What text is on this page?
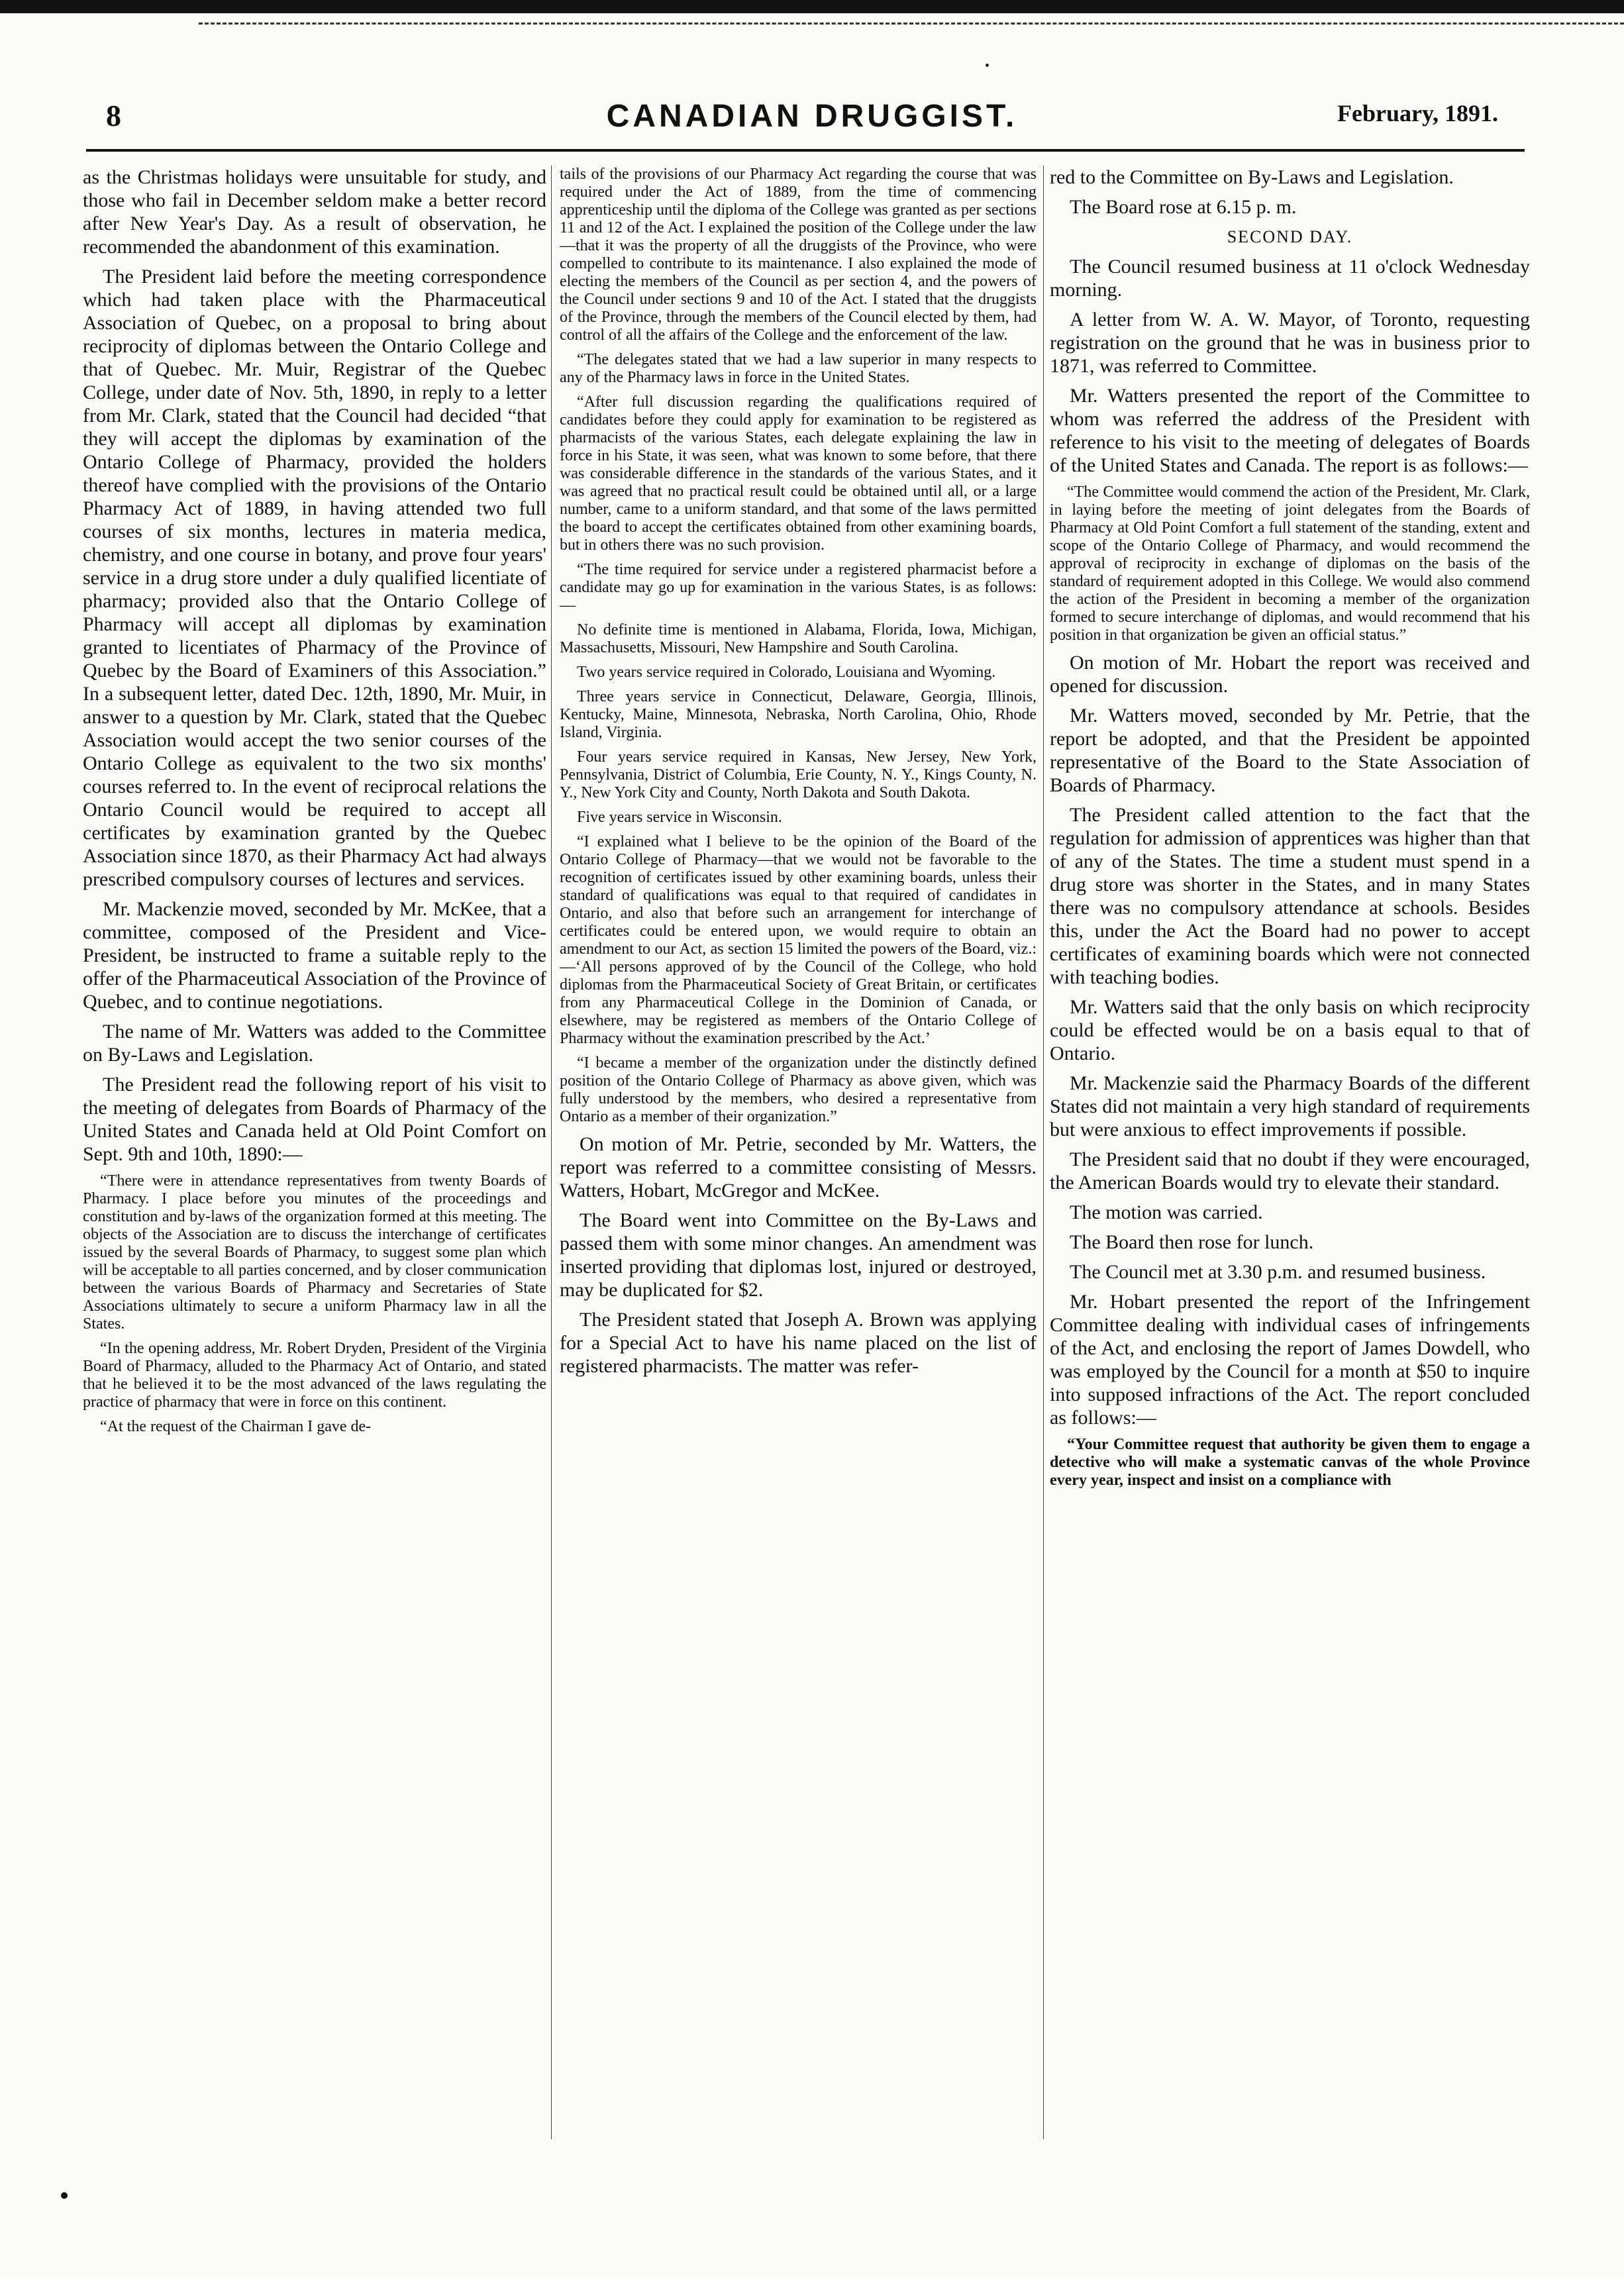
8	CANADIAN DRUGGIST.	February, 1891.

as the Christmas holidays were unsuitable for study, and those who fail in December seldom make a better record after New Year's Day. As a result of observation, he recommended the abandonment of this examination.

The President laid before the meeting correspondence which had taken place with the Pharmaceutical Association of Quebec, on a proposal to bring about reciprocity of diplomas between the Ontario College and that of Quebec. Mr. Muir, Registrar of the Quebec College, under date of Nov. 5th, 1890, in reply to a letter from Mr. Clark, stated that the Council had decided “that they will accept the diplomas by examination of the Ontario College of Pharmacy, provided the holders thereof have complied with the provisions of the Ontario Pharmacy Act of 1889, in having attended two full courses of six months, lectures in materia medica, chemistry, and one course in botany, and prove four years' service in a drug store under a duly qualified licentiate of pharmacy; provided also that the Ontario College of Pharmacy will accept all diplomas by examination granted to licentiates of Pharmacy of the Province of Quebec by the Board of Examiners of this Association.” In a subsequent letter, dated Dec. 12th, 1890, Mr. Muir, in answer to a question by Mr. Clark, stated that the Quebec Association would accept the two senior courses of the Ontario College as equivalent to the two six months' courses referred to. In the event of reciprocal relations the Ontario Council would be required to accept all certificates by examination granted by the Quebec Association since 1870, as their Pharmacy Act had always prescribed compulsory courses of lectures and services.

Mr. Mackenzie moved, seconded by Mr. McKee, that a committee, composed of the President and Vice-President, be instructed to frame a suitable reply to the offer of the Pharmaceutical Association of the Province of Quebec, and to continue negotiations.

The name of Mr. Watters was added to the Committee on By-Laws and Legislation.

The President read the following report of his visit to the meeting of delegates from Boards of Pharmacy of the United States and Canada held at Old Point Comfort on Sept. 9th and 10th, 1890:—

“There were in attendance representatives from twenty Boards of Pharmacy. I place before you minutes of the proceedings and constitution and by-laws of the organization formed at this meeting. The objects of the Association are to discuss the interchange of certificates issued by the several Boards of Pharmacy, to suggest some plan which will be acceptable to all parties concerned, and by closer communication between the various Boards of Pharmacy and Secretaries of State Associations ultimately to secure a uniform Pharmacy law in all the States.

“In the opening address, Mr. Robert Dryden, President of the Virginia Board of Pharmacy, alluded to the Pharmacy Act of Ontario, and stated that he believed it to be the most advanced of the laws regulating the practice of pharmacy that were in force on this continent.

“At the request of the Chairman I gave de-

tails of the provisions of our Pharmacy Act regarding the course that was required under the Act of 1889, from the time of commencing apprenticeship until the diploma of the College was granted as per sections 11 and 12 of the Act. I explained the position of the College under the law—that it was the property of all the druggists of the Province, who were compelled to contribute to its maintenance. I also explained the mode of electing the members of the Council as per section 4, and the powers of the Council under sections 9 and 10 of the Act. I stated that the druggists of the Province, through the members of the Council elected by them, had control of all the affairs of the College and the enforcement of the law.

“The delegates stated that we had a law superior in many respects to any of the Pharmacy laws in force in the United States.

“After full discussion regarding the qualifications required of candidates before they could apply for examination to be registered as pharmacists of the various States, each delegate explaining the law in force in his State, it was seen, what was known to some before, that there was considerable difference in the standards of the various States, and it was agreed that no practical result could be obtained until all, or a large number, came to a uniform standard, and that some of the laws permitted the board to accept the certificates obtained from other examining boards, but in others there was no such provision.

“The time required for service under a registered pharmacist before a candidate may go up for examination in the various States, is as follows:—

No definite time is mentioned in Alabama, Florida, Iowa, Michigan, Massachusetts, Missouri, New Hampshire and South Carolina.

Two years service required in Colorado, Louisiana and Wyoming.

Three years service in Connecticut, Delaware, Georgia, Illinois, Kentucky, Maine, Minnesota, Nebraska, North Carolina, Ohio, Rhode Island, Virginia.

Four years service required in Kansas, New Jersey, New York, Pennsylvania, District of Columbia, Erie County, N. Y., Kings County, N. Y., New York City and County, North Dakota and South Dakota.

Five years service in Wisconsin.

“I explained what I believe to be the opinion of the Board of the Ontario College of Pharmacy—that we would not be favorable to the recognition of certificates issued by other examining boards, unless their standard of qualifications was equal to that required of candidates in Ontario, and also that before such an arrangement for interchange of certificates could be entered upon, we would require to obtain an amendment to our Act, as section 15 limited the powers of the Board, viz.:—‘All persons approved of by the Council of the College, who hold diplomas from the Pharmaceutical Society of Great Britain, or certificates from any Pharmaceutical College in the Dominion of Canada, or elsewhere, may be registered as members of the Ontario College of Pharmacy without the examination prescribed by the Act.’

“I became a member of the organization under the distinctly defined position of the Ontario College of Pharmacy as above given, which was fully understood by the members, who desired a representative from Ontario as a member of their organization.”

On motion of Mr. Petrie, seconded by Mr. Watters, the report was referred to a committee consisting of Messrs. Watters, Hobart, McGregor and McKee.

The Board went into Committee on the By-Laws and passed them with some minor changes. An amendment was inserted providing that diplomas lost, injured or destroyed, may be duplicated for $2.

The President stated that Joseph A. Brown was applying for a Special Act to have his name placed on the list of registered pharmacists. The matter was refer-

red to the Committee on By-Laws and Legislation.

The Board rose at 6.15 p. m.

SECOND DAY.

The Council resumed business at 11 o'clock Wednesday morning.

A letter from W. A. W. Mayor, of Toronto, requesting registration on the ground that he was in business prior to 1871, was referred to Committee.

Mr. Watters presented the report of the Committee to whom was referred the address of the President with reference to his visit to the meeting of delegates of Boards of the United States and Canada. The report is as follows:—

“The Committee would commend the action of the President, Mr. Clark, in laying before the meeting of joint delegates from the Boards of Pharmacy at Old Point Comfort a full statement of the standing, extent and scope of the Ontario College of Pharmacy, and would recommend the approval of reciprocity in exchange of diplomas on the basis of the standard of requirement adopted in this College. We would also commend the action of the President in becoming a member of the organization formed to secure interchange of diplomas, and would recommend that his position in that organization be given an official status.”

On motion of Mr. Hobart the report was received and opened for discussion.

Mr. Watters moved, seconded by Mr. Petrie, that the report be adopted, and that the President be appointed representative of the Board to the State Association of Boards of Pharmacy.

The President called attention to the fact that the regulation for admission of apprentices was higher than that of any of the States. The time a student must spend in a drug store was shorter in the States, and in many States there was no compulsory attendance at schools. Besides this, under the Act the Board had no power to accept certificates of examining boards which were not connected with teaching bodies.

Mr. Watters said that the only basis on which reciprocity could be effected would be on a basis equal to that of Ontario.

Mr. Mackenzie said the Pharmacy Boards of the different States did not maintain a very high standard of requirements but were anxious to effect improvements if possible.

The President said that no doubt if they were encouraged, the American Boards would try to elevate their standard.

The motion was carried.

The Board then rose for lunch.

The Council met at 3.30 p.m. and resumed business.

Mr. Hobart presented the report of the Infringement Committee dealing with individual cases of infringements of the Act, and enclosing the report of James Dowdell, who was employed by the Council for a month at $50 to inquire into supposed infractions of the Act. The report concluded as follows:—

“Your Committee request that authority be given them to engage a detective who will make a systematic canvas of the whole Province every year, inspect and insist on a compliance with
